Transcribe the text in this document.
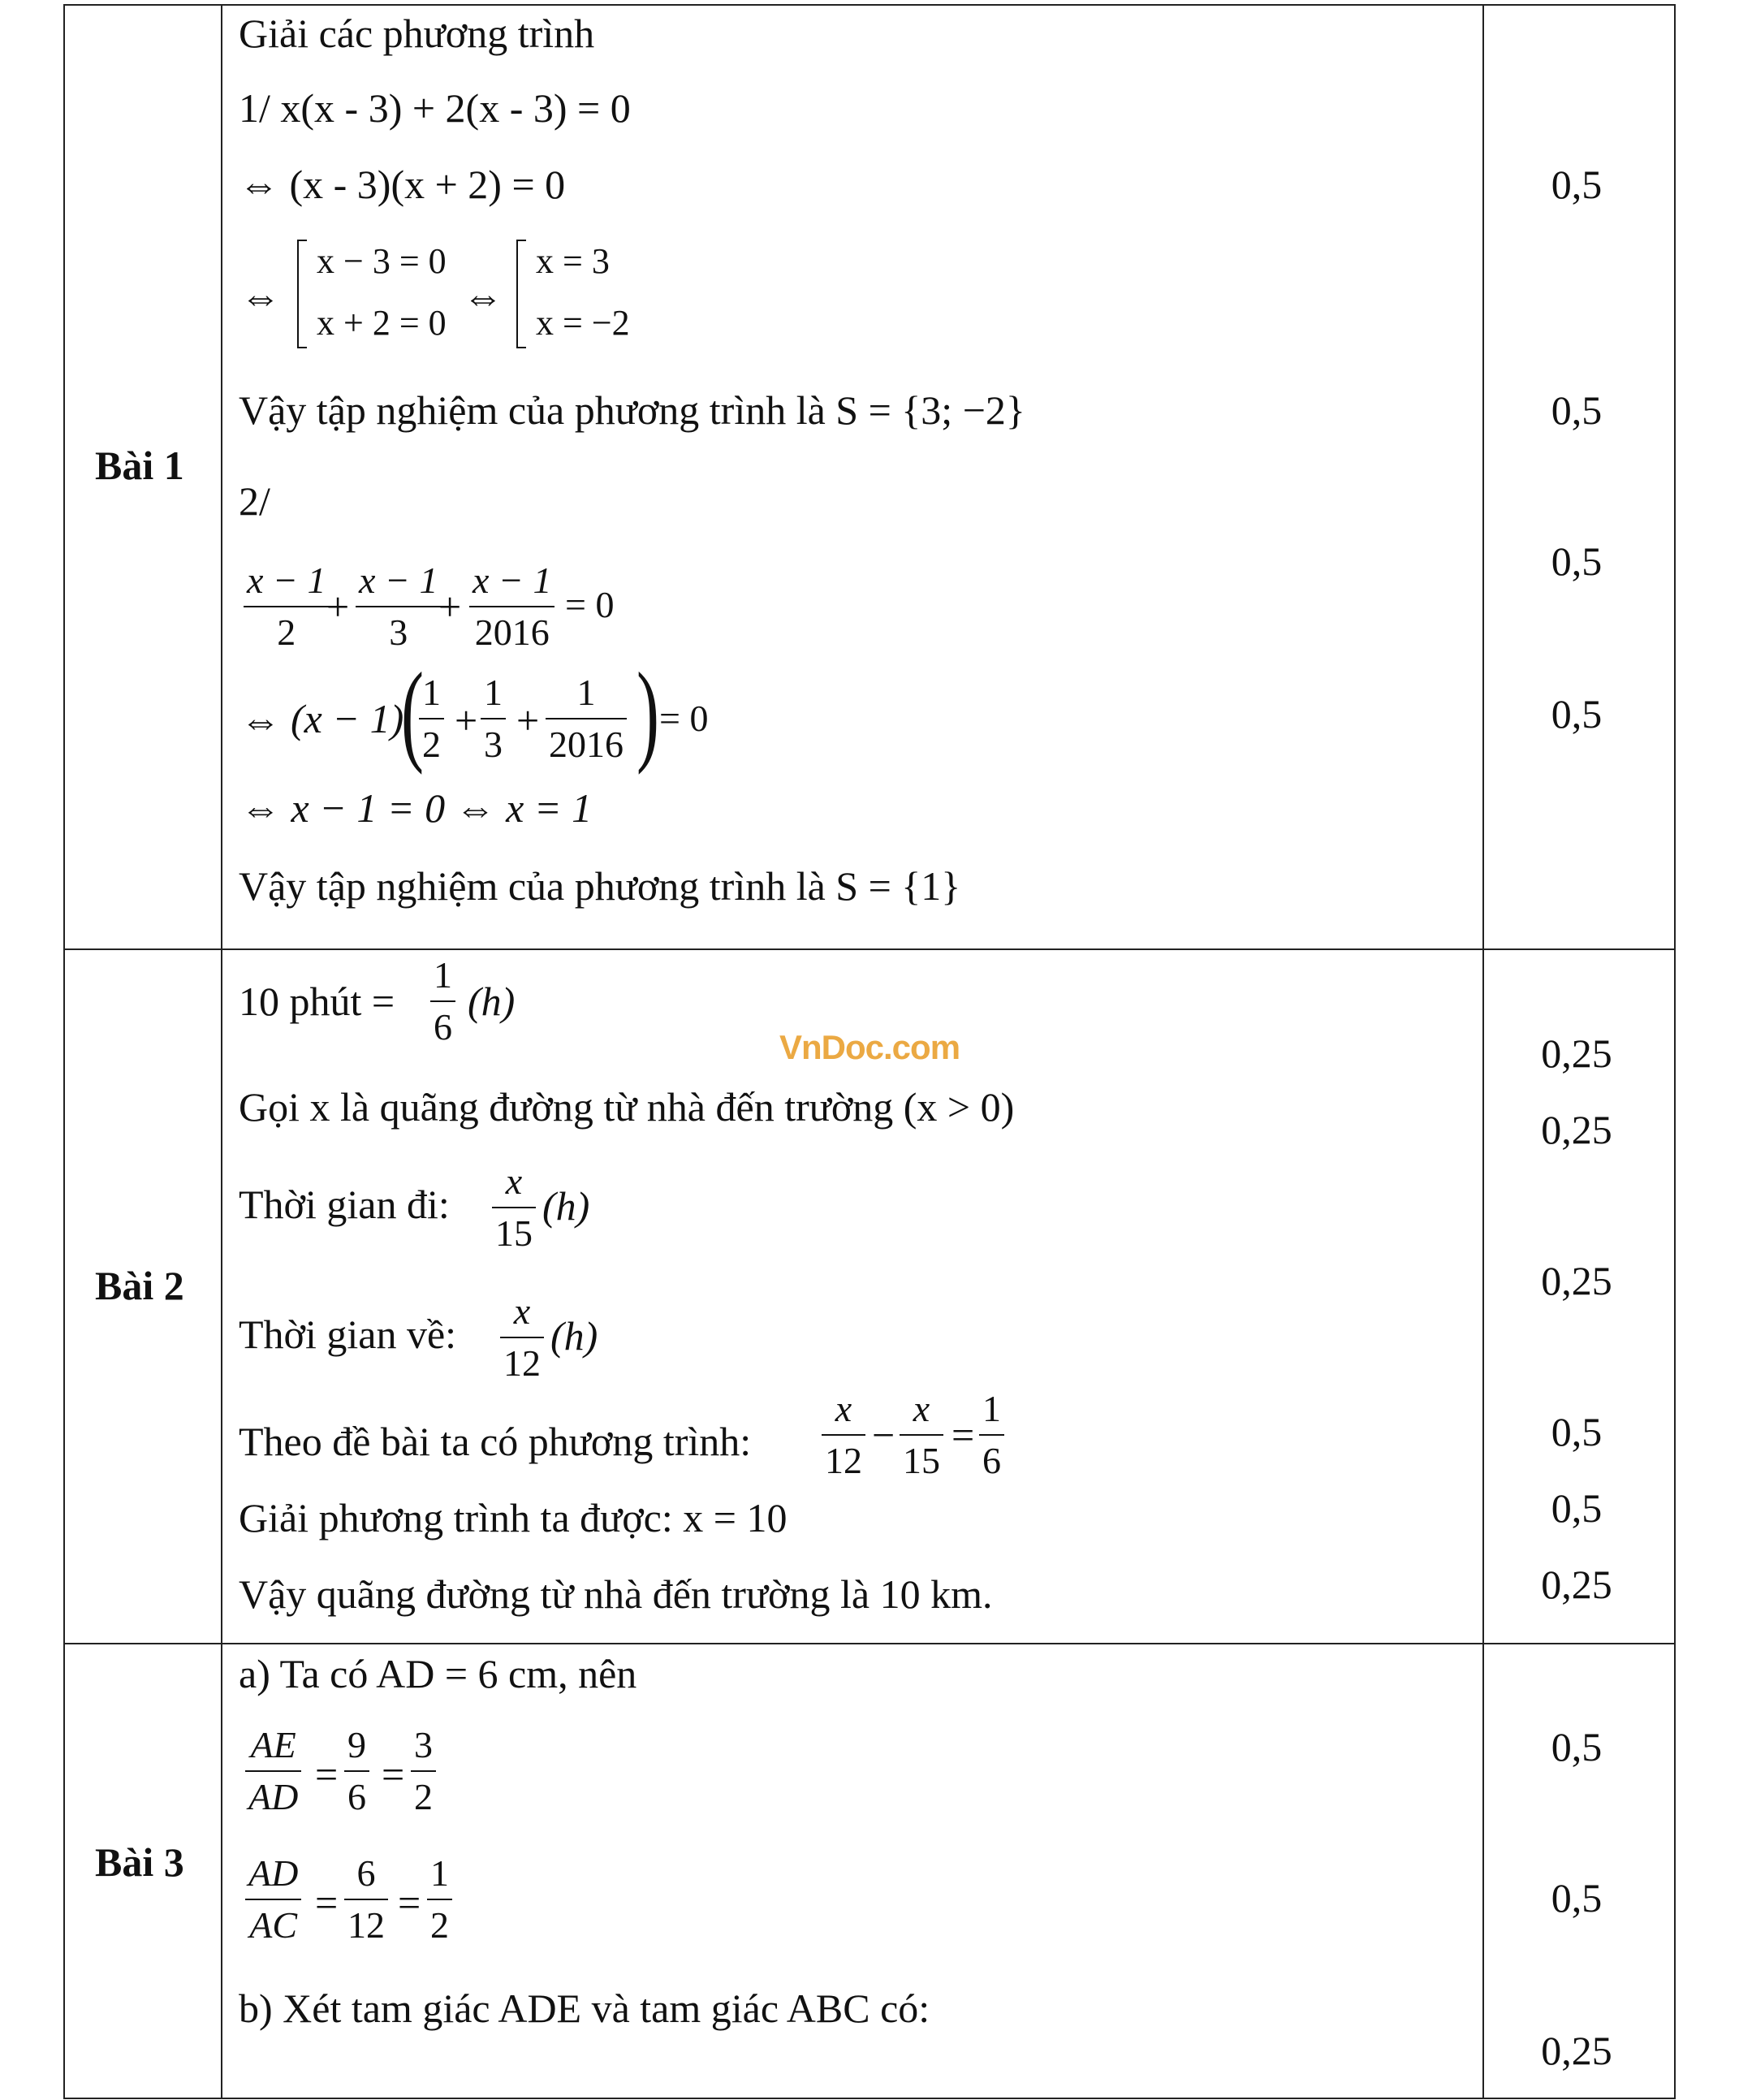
Bài 1
Giải các phương trình
1/ x(x - 3) + 2(x - 3) = 0
⇔ (x - 3)(x + 2) = 0
⇔
x − 3 = 0
x + 2 = 0
⇔
x = 3
x = −2
Vậy tập nghiệm của phương trình là S = {3; −2}
2/
x − 1
2
+
x − 1
3
+
x − 1
2016
= 0
⇔ (x − 1)
(
1
2
+
1
3
+
1
2016 ) = 0
⇔ x − 1 = 0 ⇔ x = 1
Vậy tập nghiệm của phương trình là S = {1}
0,5
0,5
0,5
0,5
Bài 2
10 phút =
1
6
(h)
VnDoc.com
Gọi x là quãng đường từ nhà đến trường (x > 0)
Thời gian đi:
x
15
(h)
Thời gian về:
x
12
(h)
Theo đề bài ta có phương trình:
x
12
−
x
15
=
1
6
Giải phương trình ta được: x = 10
Vậy quãng đường từ nhà đến trường là 10 km.
0,25
0,25
0,25
0,5
0,5
0,25
Bài 3
a) Ta có AD = 6 cm, nên
AE
AD =
9
6 =
3
2
AD
AC =
6
12 =
1
2
b) Xét tam giác ADE và tam giác ABC có:
0,5
0,5
0,25
